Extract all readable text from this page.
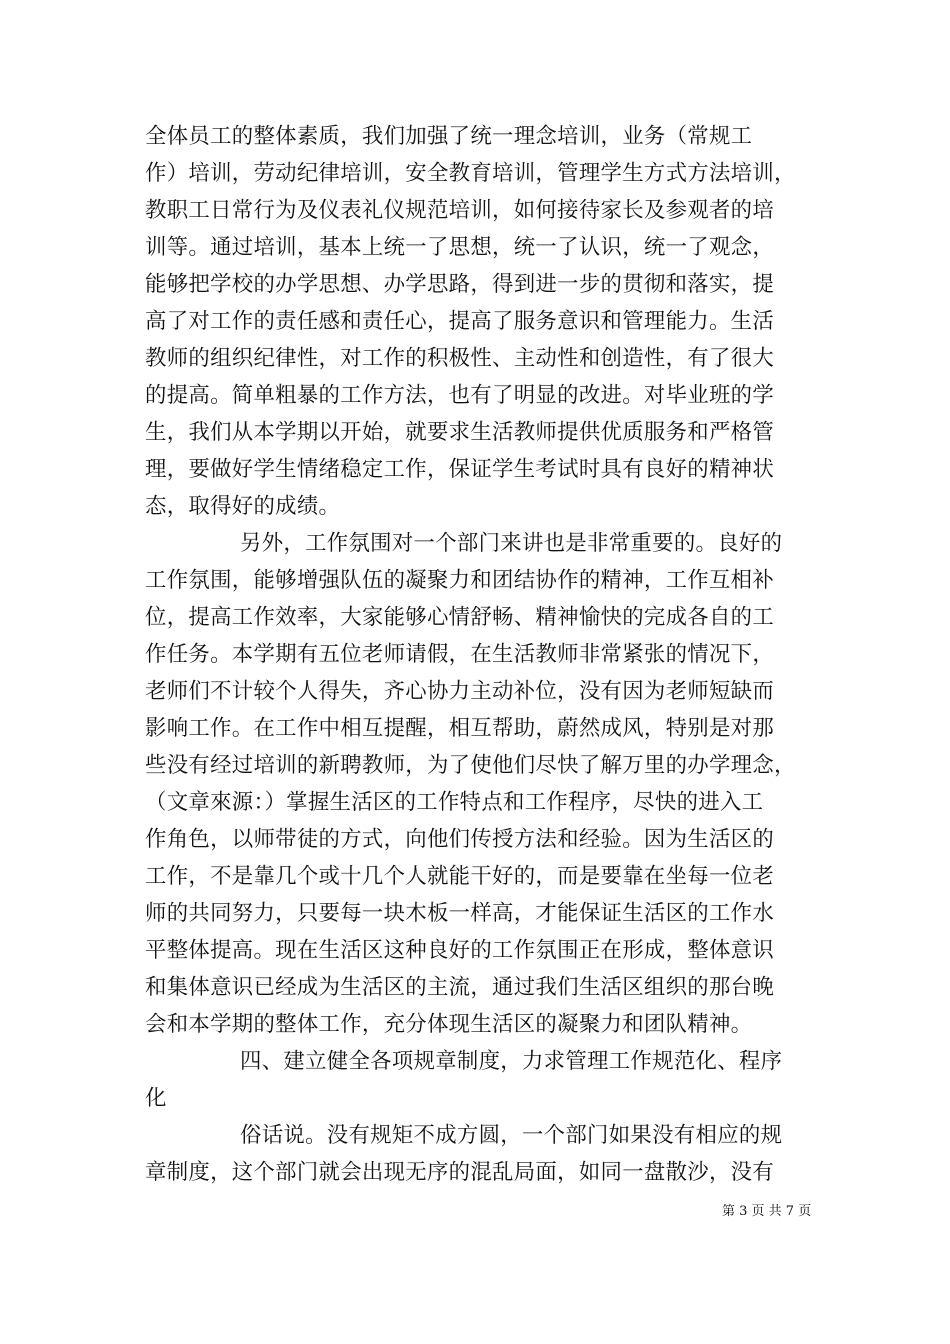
全体员工的整体素质，我们加强了统一理念培训，业务（常规工
作）培训，劳动纪律培训，安全教育培训，管理学生方式方法培训，
教职工日常行为及仪表礼仪规范培训，如何接待家长及参观者的培
训等。通过培训，基本上统一了思想，统一了认识，统一了观念，
能够把学校的办学思想、办学思路，得到进一步的贯彻和落实，提
高了对工作的责任感和责任心，提高了服务意识和管理能力。生活
教师的组织纪律性，对工作的积极性、主动性和创造性，有了很大
的提高。简单粗暴的工作方法，也有了明显的改进。对毕业班的学
生，我们从本学期以开始，就要求生活教师提供优质服务和严格管
理，要做好学生情绪稳定工作，保证学生考试时具有良好的精神状
态，取得好的成绩。
另外，工作氛围对一个部门来讲也是非常重要的。良好的
工作氛围，能够增强队伍的凝聚力和团结协作的精神，工作互相补
位，提高工作效率，大家能够心情舒畅、精神愉快的完成各自的工
作任务。本学期有五位老师请假，在生活教师非常紧张的情况下，
老师们不计较个人得失，齐心协力主动补位，没有因为老师短缺而
影响工作。在工作中相互提醒，相互帮助，蔚然成风，特别是对那
些没有经过培训的新聘教师，为了使他们尽快了解万里的办学理念，
（文章來源：）掌握生活区的工作特点和工作程序，尽快的进入工
作角色，以师带徒的方式，向他们传授方法和经验。因为生活区的
工作，不是靠几个或十几个人就能干好的，而是要靠在坐每一位老
师的共同努力，只要每一块木板一样高，才能保证生活区的工作水
平整体提高。现在生活区这种良好的工作氛围正在形成，整体意识
和集体意识已经成为生活区的主流，通过我们生活区组织的那台晚
会和本学期的整体工作，充分体现生活区的凝聚力和团队精神。
四、建立健全各项规章制度，力求管理工作规范化、程序
化
俗话说。没有规矩不成方圆，一个部门如果没有相应的规
章制度，这个部门就会出现无序的混乱局面，如同一盘散沙，没有
第 3 页 共 7 页
